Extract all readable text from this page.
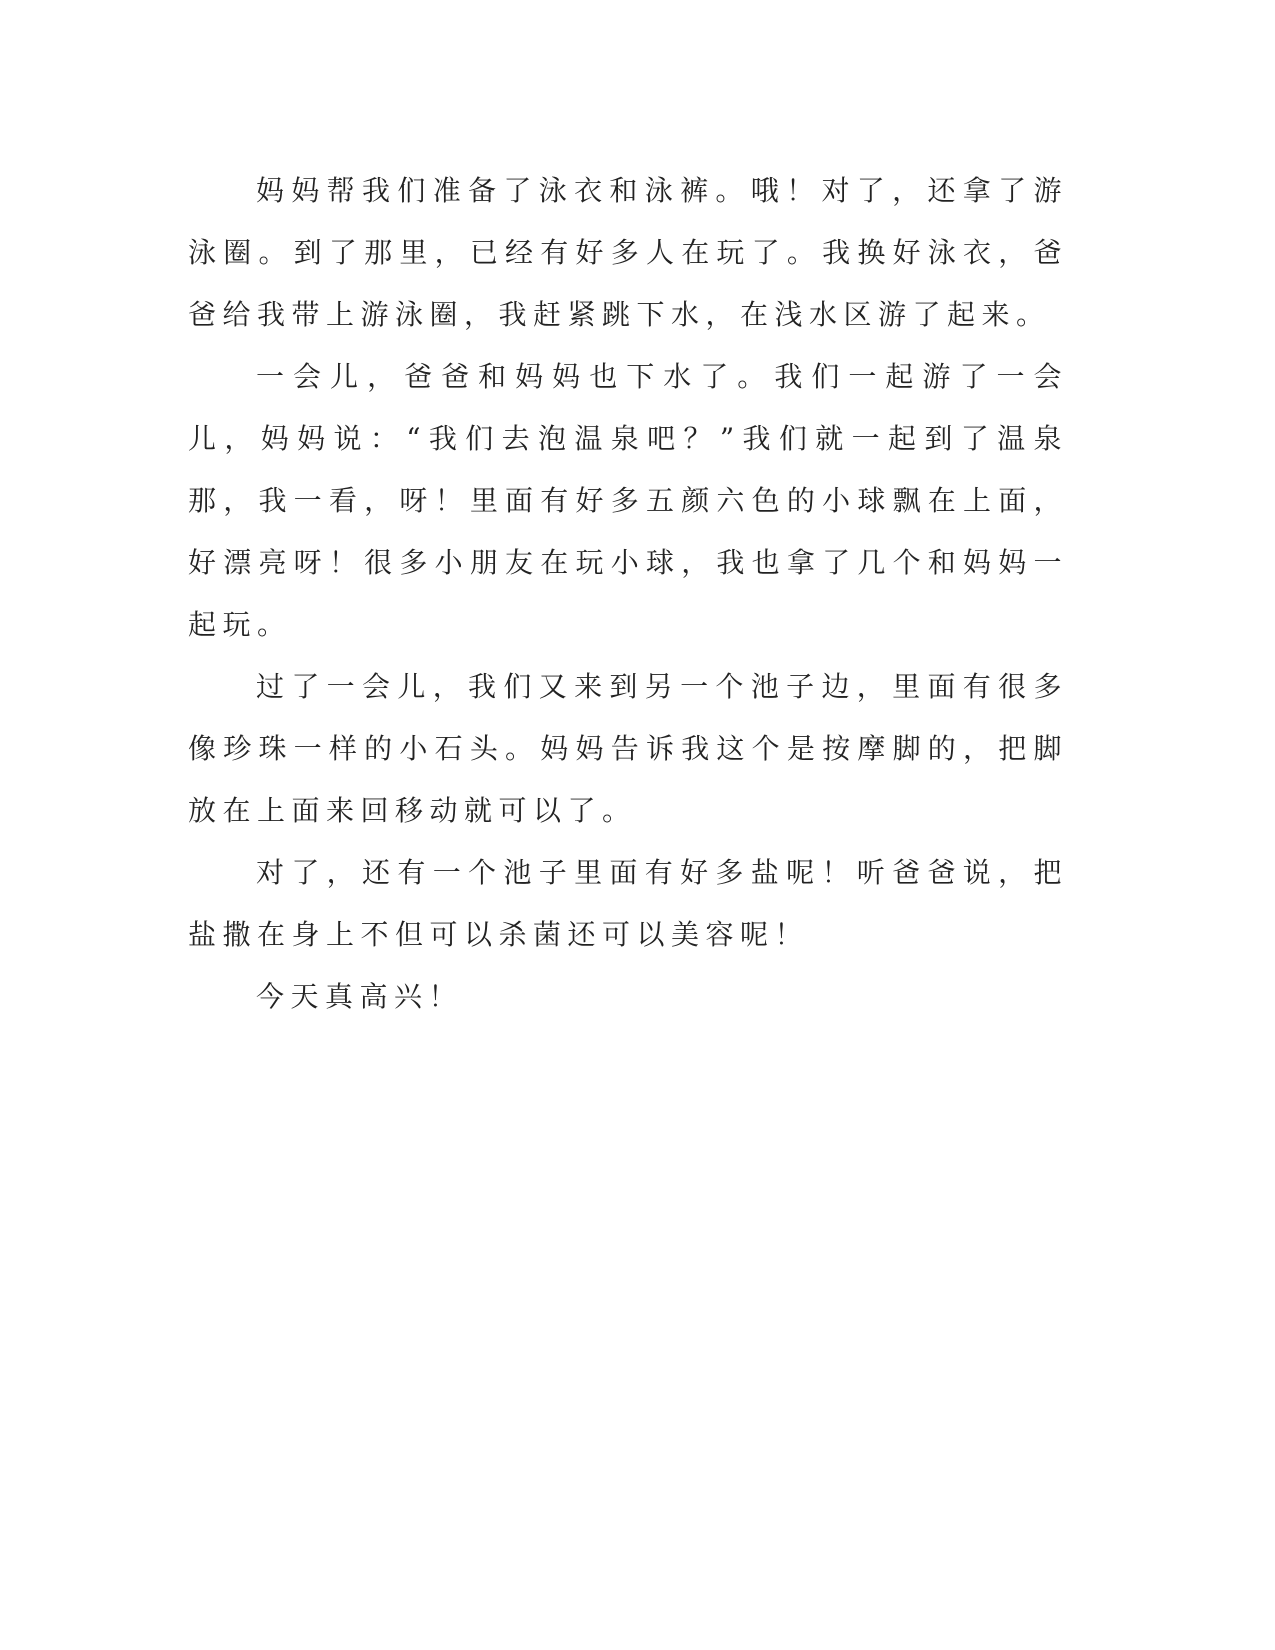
妈妈帮我们准备了泳衣和泳裤。哦！对了，还拿了游泳圈。到了那里，已经有好多人在玩了。我换好泳衣，爸爸给我带上游泳圈，我赶紧跳下水，在浅水区游了起来。

一会儿，爸爸和妈妈也下水了。我们一起游了一会儿，妈妈说：“我们去泡温泉吧？”我们就一起到了温泉那，我一看，呀！里面有好多五颜六色的小球飘在上面，好漂亮呀！很多小朋友在玩小球，我也拿了几个和妈妈一起玩。

过了一会儿，我们又来到另一个池子边，里面有很多像珍珠一样的小石头。妈妈告诉我这个是按摩脚的，把脚放在上面来回移动就可以了。

对了，还有一个池子里面有好多盐呢！听爸爸说，把盐撒在身上不但可以杀菌还可以美容呢！

今天真高兴！
